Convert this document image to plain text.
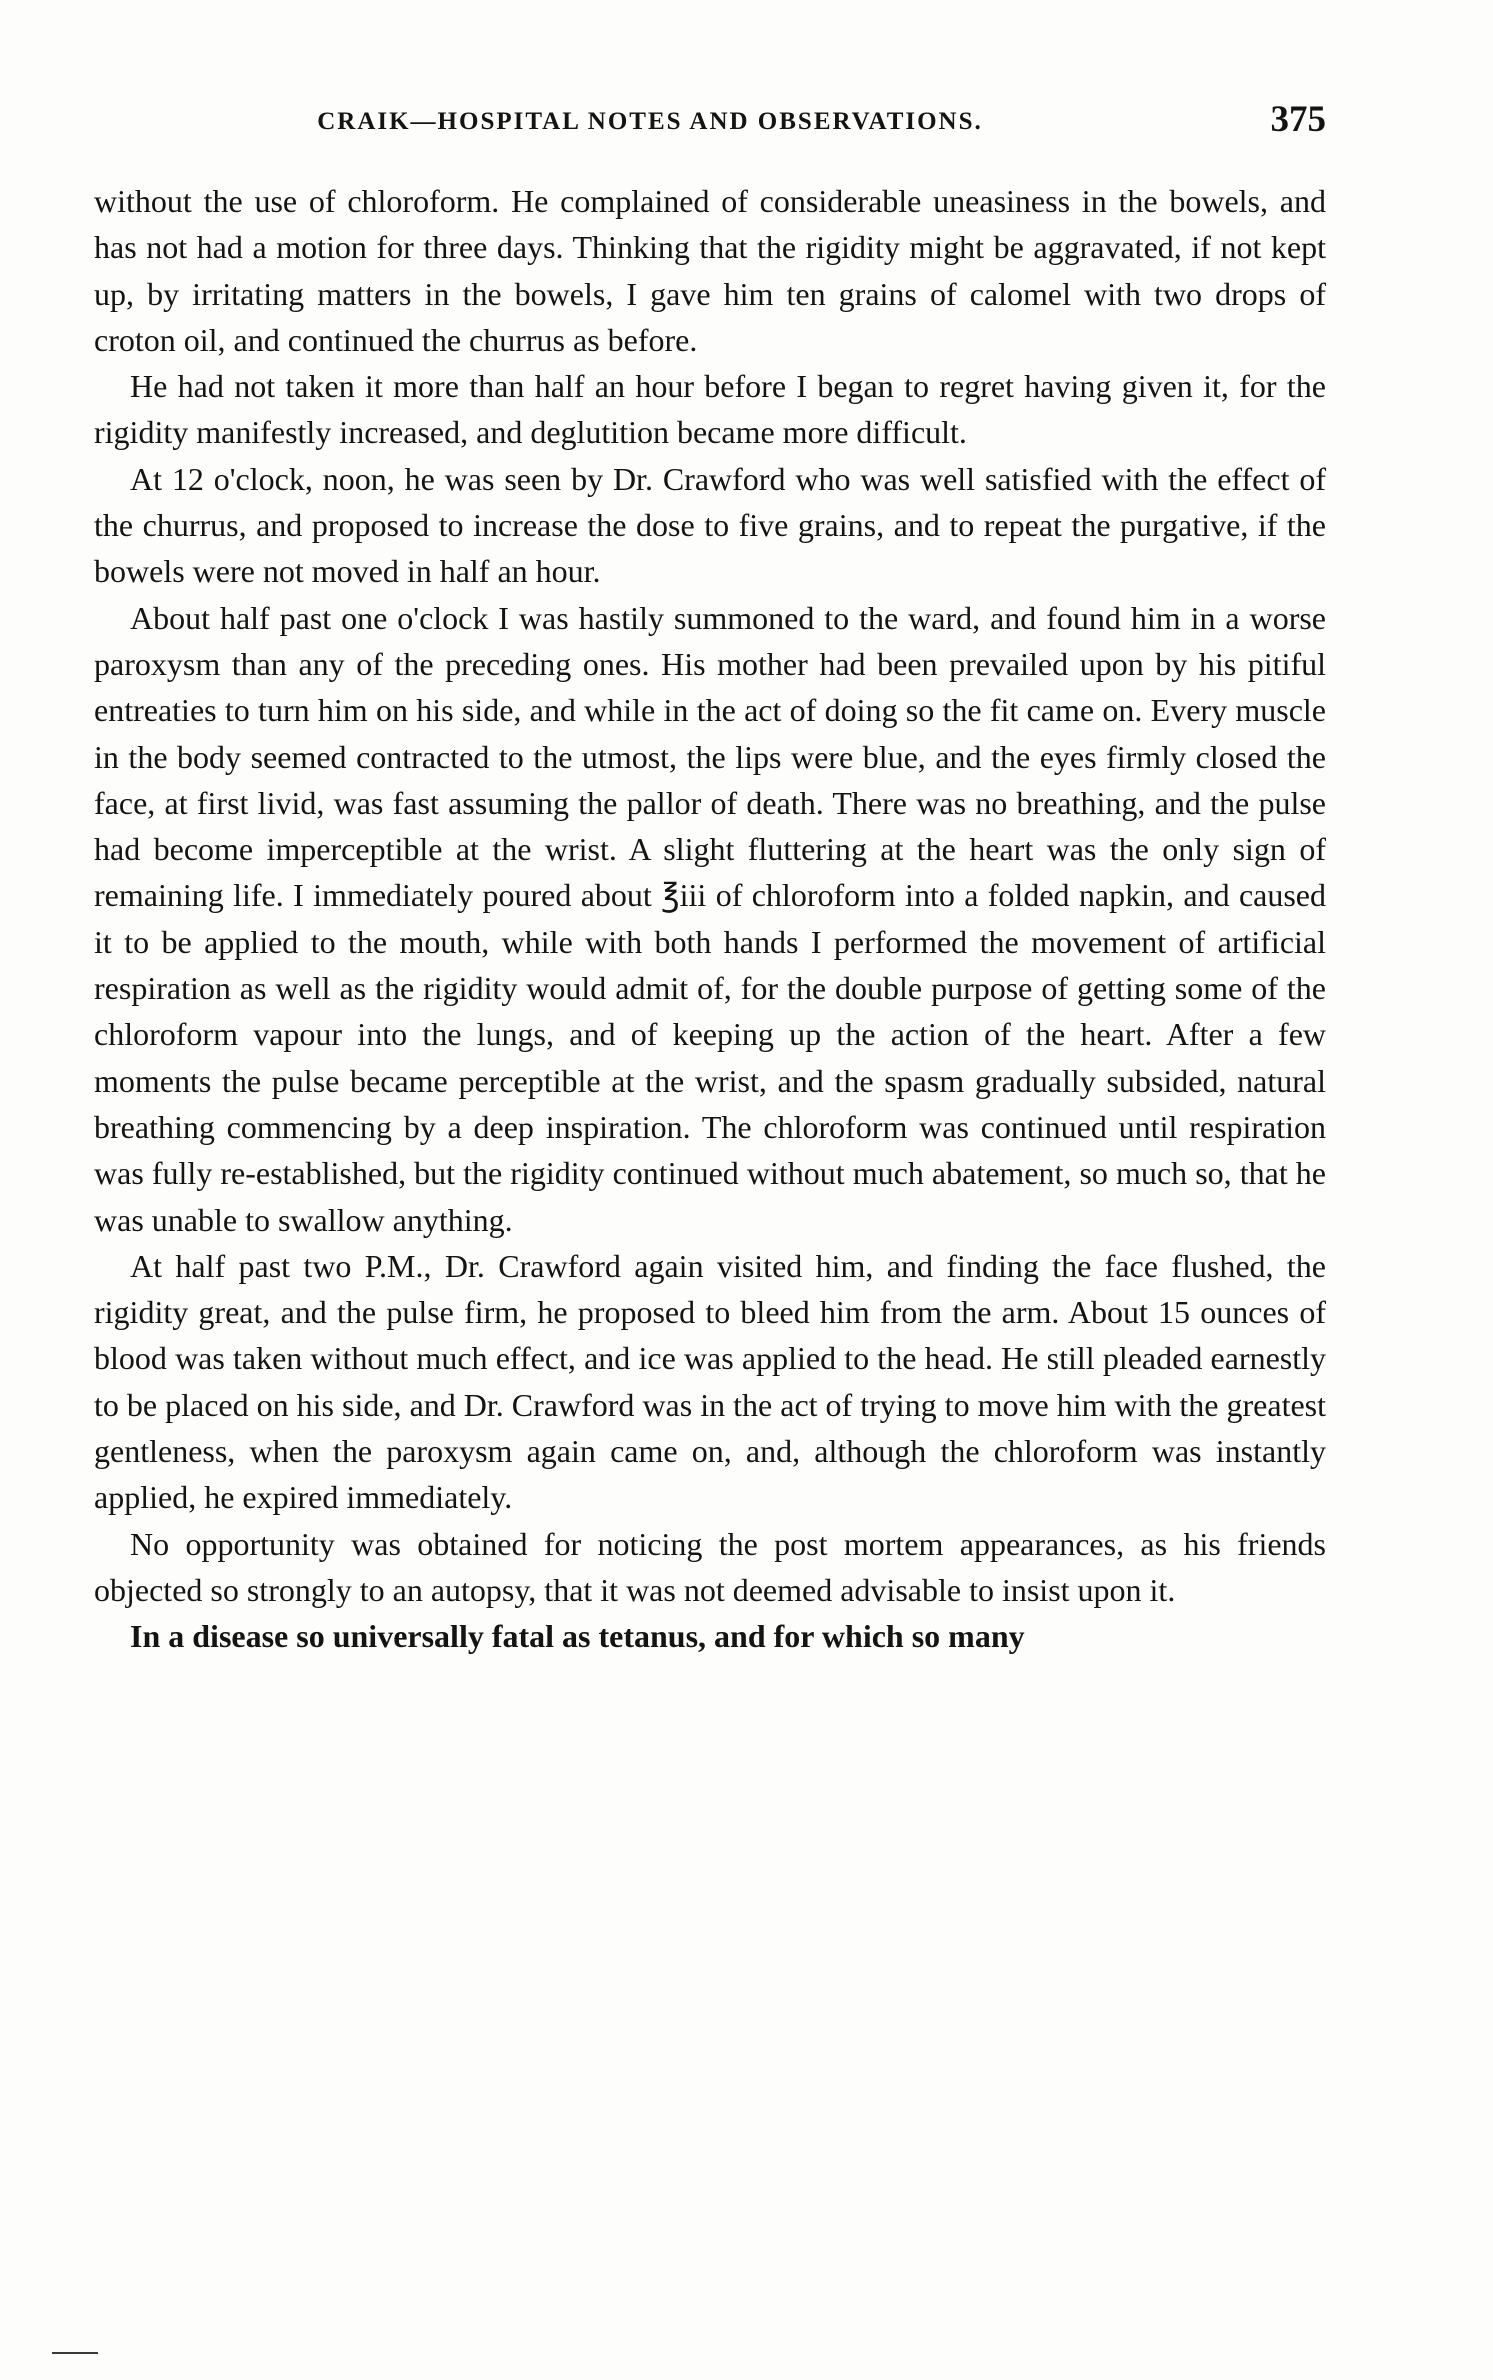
CRAIK—HOSPITAL NOTES AND OBSERVATIONS.	375

without the use of chloroform. He complained of considerable uneasiness in the bowels, and has not had a motion for three days. Thinking that the rigidity might be aggravated, if not kept up, by irritating matters in the bowels, I gave him ten grains of calomel with two drops of croton oil, and continued the churrus as before.

He had not taken it more than half an hour before I began to regret having given it, for the rigidity manifestly increased, and deglutition became more difficult.

At 12 o'clock, noon, he was seen by Dr. Crawford who was well satisfied with the effect of the churrus, and proposed to increase the dose to five grains, and to repeat the purgative, if the bowels were not moved in half an hour.

About half past one o'clock I was hastily summoned to the ward, and found him in a worse paroxysm than any of the preceding ones. His mother had been prevailed upon by his pitiful entreaties to turn him on his side, and while in the act of doing so the fit came on. Every muscle in the body seemed contracted to the utmost, the lips were blue, and the eyes firmly closed the face, at first livid, was fast assuming the pallor of death. There was no breathing, and the pulse had become imperceptible at the wrist. A slight fluttering at the heart was the only sign of remaining life. I immediately poured about ℥iii of chloroform into a folded napkin, and caused it to be applied to the mouth, while with both hands I performed the movement of artificial respiration as well as the rigidity would admit of, for the double purpose of getting some of the chloroform vapour into the lungs, and of keeping up the action of the heart. After a few moments the pulse became perceptible at the wrist, and the spasm gradually subsided, natural breathing commencing by a deep inspiration. The chloroform was continued until respiration was fully re-established, but the rigidity continued without much abatement, so much so, that he was unable to swallow anything.

At half past two P.M., Dr. Crawford again visited him, and finding the face flushed, the rigidity great, and the pulse firm, he proposed to bleed him from the arm. About 15 ounces of blood was taken without much effect, and ice was applied to the head. He still pleaded earnestly to be placed on his side, and Dr. Crawford was in the act of trying to move him with the greatest gentleness, when the paroxysm again came on, and, although the chloroform was instantly applied, he expired immediately.

No opportunity was obtained for noticing the post mortem appearances, as his friends objected so strongly to an autopsy, that it was not deemed advisable to insist upon it.

In a disease so universally fatal as tetanus, and for which so many
